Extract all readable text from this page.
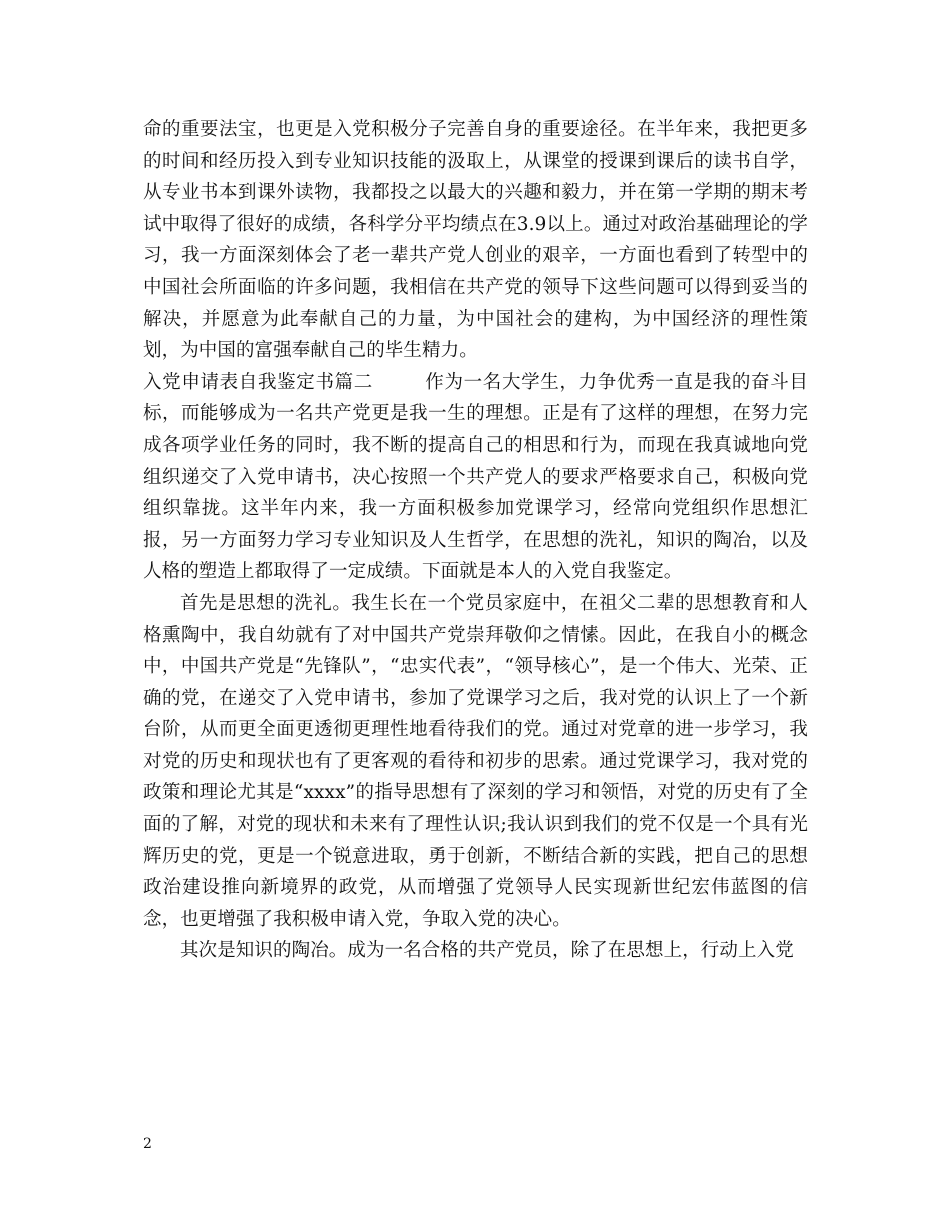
命的重要法宝，也更是入党积极分子完善自身的重要途径。在半年来，我把更多的时间和经历投入到专业知识技能的汲取上，从课堂的授课到课后的读书自学，从专业书本到课外读物，我都投之以最大的兴趣和毅力，并在第一学期的期末考试中取得了很好的成绩，各科学分平均绩点在3.9以上。通过对政治基础理论的学习，我一方面深刻体会了老一辈共产党人创业的艰辛，一方面也看到了转型中的中国社会所面临的许多问题，我相信在共产党的领导下这些问题可以得到妥当的解决，并愿意为此奉献自己的力量，为中国社会的建构，为中国经济的理性策划，为中国的富强奉献自己的毕生精力。

入党申请表自我鉴定书篇二	作为一名大学生，力争优秀一直是我的奋斗目标，而能够成为一名共产党更是我一生的理想。正是有了这样的理想，在努力完成各项学业任务的同时，我不断的提高自己的相思和行为，而现在我真诚地向党组织递交了入党申请书，决心按照一个共产党人的要求严格要求自己，积极向党组织靠拢。这半年内来，我一方面积极参加党课学习，经常向党组织作思想汇报，另一方面努力学习专业知识及人生哲学，在思想的洗礼，知识的陶冶，以及人格的塑造上都取得了一定成绩。下面就是本人的入党自我鉴定。

首先是思想的洗礼。我生长在一个党员家庭中，在祖父二辈的思想教育和人格熏陶中，我自幼就有了对中国共产党崇拜敬仰之情愫。因此，在我自小的概念中，中国共产党是“先锋队”，“忠实代表”，“领导核心”，是一个伟大、光荣、正确的党，在递交了入党申请书，参加了党课学习之后，我对党的认识上了一个新台阶，从而更全面更透彻更理性地看待我们的党。通过对党章的进一步学习，我对党的历史和现状也有了更客观的看待和初步的思索。通过党课学习，我对党的政策和理论尤其是“xxxx”的指导思想有了深刻的学习和领悟，对党的历史有了全面的了解，对党的现状和未来有了理性认识;我认识到我们的党不仅是一个具有光辉历史的党，更是一个锐意进取，勇于创新，不断结合新的实践，把自己的思想政治建设推向新境界的政党，从而增强了党领导人民实现新世纪宏伟蓝图的信念，也更增强了我积极申请入党，争取入党的决心。

其次是知识的陶冶。成为一名合格的共产党员，除了在思想上，行动上入党

2
